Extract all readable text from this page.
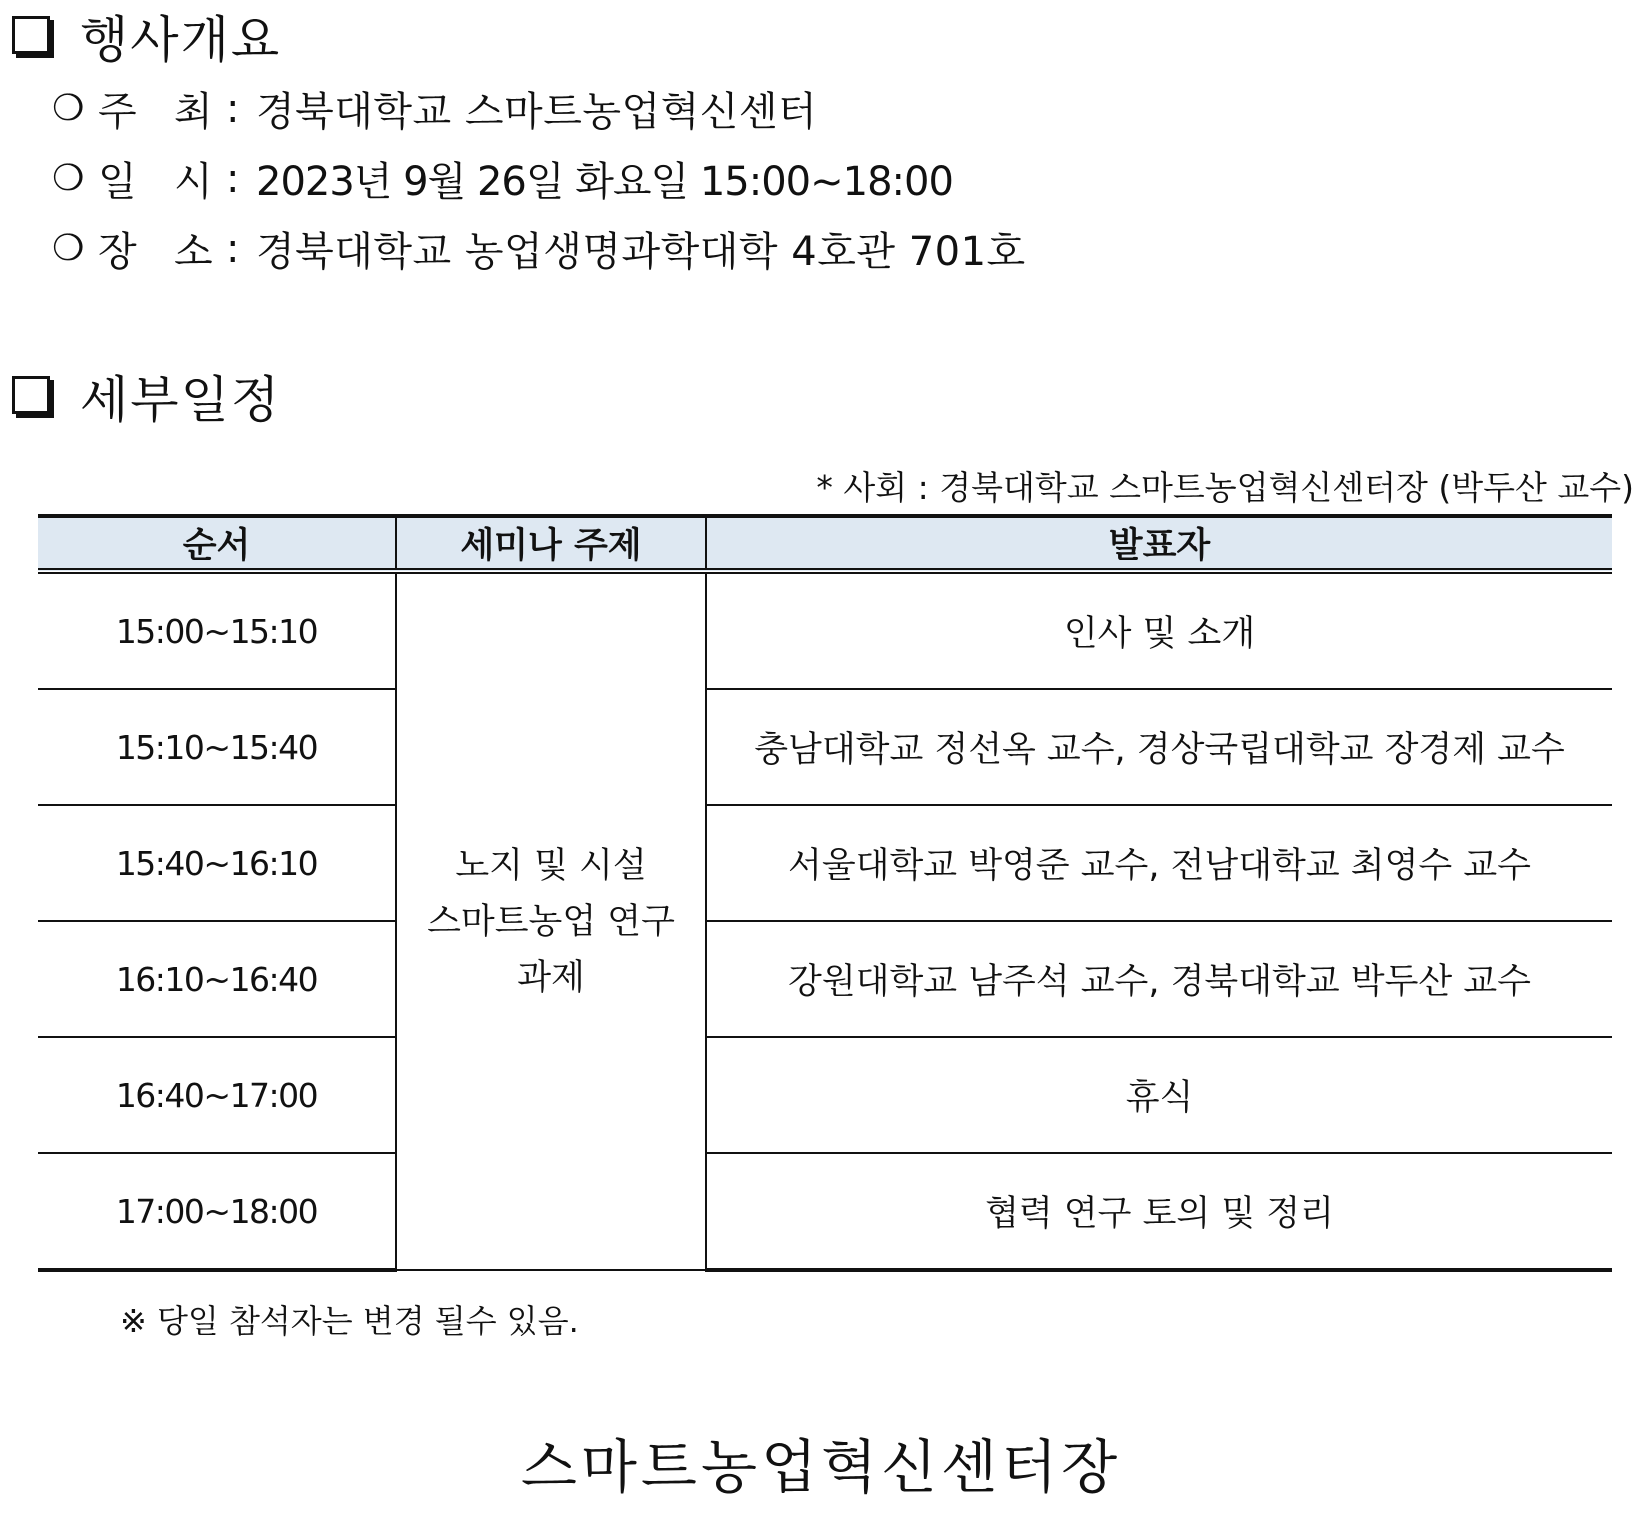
행사개요
❍ 주 최 : 경북대학교 스마트농업혁신센터
❍ 일 시 : 2023년 9월 26일 화요일 15:00~18:00
❍ 장 소 : 경북대학교 농업생명과학대학 4호관 701호
세부일정
* 사회 : 경북대학교 스마트농업혁신센터장 (박두산 교수)
순서	세미나 주제	발표자
15:00~15:10	노지 및 시설 스마트농업 연구 과제	인사 및 소개
15:10~15:40		충남대학교 정선옥 교수, 경상국립대학교 장경제 교수
15:40~16:10		서울대학교 박영준 교수, 전남대학교 최영수 교수
16:10~16:40		강원대학교 남주석 교수, 경북대학교 박두산 교수
16:40~17:00		휴식
17:00~18:00		협력 연구 토의 및 정리
※ 당일 참석자는 변경 될수 있음.
스마트농업혁신센터장
